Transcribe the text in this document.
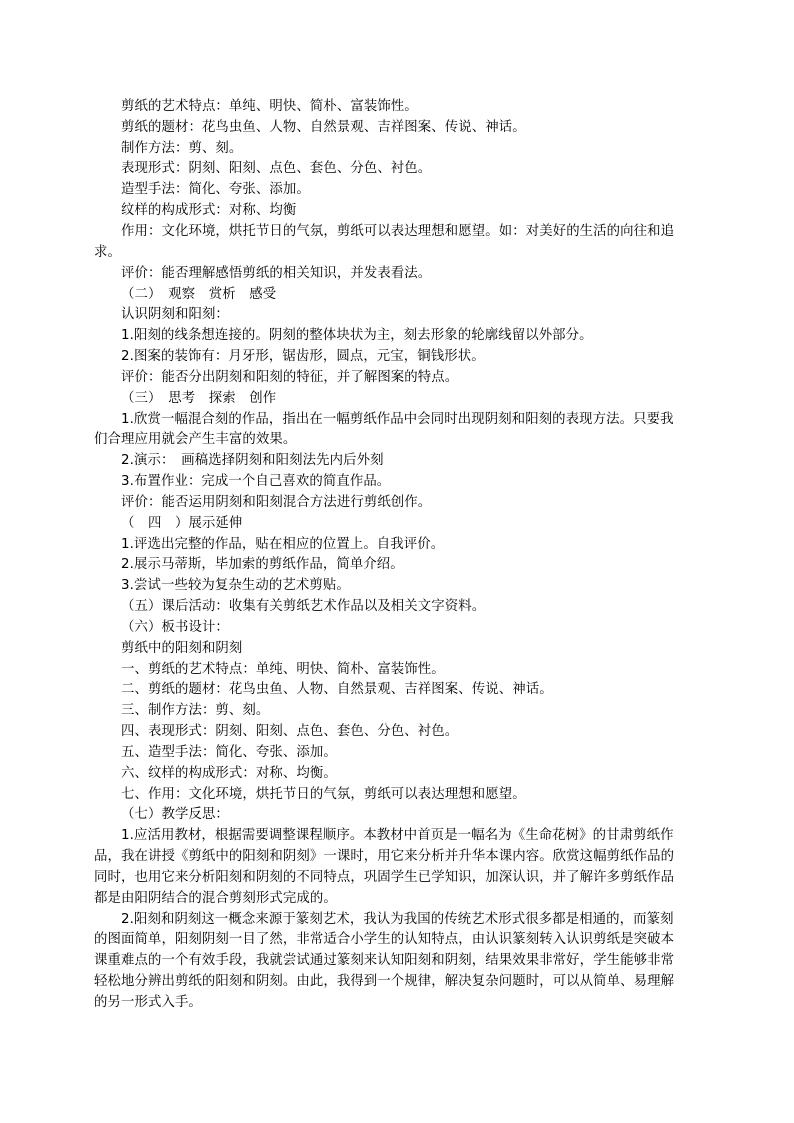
剪纸的艺术特点：单纯、明快、简朴、富装饰性。
剪纸的题材：花鸟虫鱼、人物、自然景观、吉祥图案、传说、神话。
制作方法：剪、刻。
表现形式：阴刻、阳刻、点色、套色、分色、衬色。
造型手法：简化、夸张、添加。
纹样的构成形式：对称、均衡
作用：文化环境，烘托节日的气氛，剪纸可以表达理想和愿望。如：对美好的生活的向往和追
求。
评价：能否理解感悟剪纸的相关知识，并发表看法。
（二）　观察　赏析　感受
认识阴刻和阳刻：
1.阳刻的线条想连接的。阴刻的整体块状为主，刻去形象的轮廓线留以外部分。
2.图案的装饰有：月牙形，锯齿形，圆点，元宝，铜钱形状。
评价：能否分出阴刻和阳刻的特征，并了解图案的特点。
（三）　思考　探索　创作
1.欣赏一幅混合刻的作品，指出在一幅剪纸作品中会同时出现阴刻和阳刻的表现方法。只要我
们合理应用就会产生丰富的效果。
2.演示：　画稿选择阴刻和阳刻法先内后外刻
3.布置作业：完成一个自己喜欢的简直作品。
评价：能否运用阴刻和阳刻混合方法进行剪纸创作。
（　四　）展示延伸
1.评选出完整的作品，贴在相应的位置上。自我评价。
2.展示马蒂斯，毕加索的剪纸作品，简单介绍。
3.尝试一些较为复杂生动的艺术剪贴。
（五）课后活动：收集有关剪纸艺术作品以及相关文字资料。
（六）板书设计：
剪纸中的阳刻和阴刻
一、剪纸的艺术特点：单纯、明快、简朴、富装饰性。
二、剪纸的题材：花鸟虫鱼、人物、自然景观、吉祥图案、传说、神话。
三、制作方法：剪、刻。
四、表现形式：阴刻、阳刻、点色、套色、分色、衬色。
五、造型手法：简化、夸张、添加。
六、纹样的构成形式：对称、均衡。
七、作用：文化环境，烘托节日的气氛，剪纸可以表达理想和愿望。
（七）教学反思：
1.应活用教材，根据需要调整课程顺序。本教材中首页是一幅名为《生命花树》的甘肃剪纸作
品，我在讲授《剪纸中的阳刻和阴刻》一课时，用它来分析并升华本课内容。欣赏这幅剪纸作品的
同时，也用它来分析阳刻和阴刻的不同特点，巩固学生已学知识，加深认识，并了解许多剪纸作品
都是由阳阴结合的混合剪刻形式完成的。
2.阳刻和阴刻这一概念来源于篆刻艺术，我认为我国的传统艺术形式很多都是相通的，而篆刻
的图面简单，阳刻阴刻一目了然，非常适合小学生的认知特点，由认识篆刻转入认识剪纸是突破本
课重难点的一个有效手段，我就尝试通过篆刻来认知阳刻和阴刻，结果效果非常好，学生能够非常
轻松地分辨出剪纸的阳刻和阴刻。由此，我得到一个规律，解决复杂问题时，可以从简单、易理解
的另一形式入手。
